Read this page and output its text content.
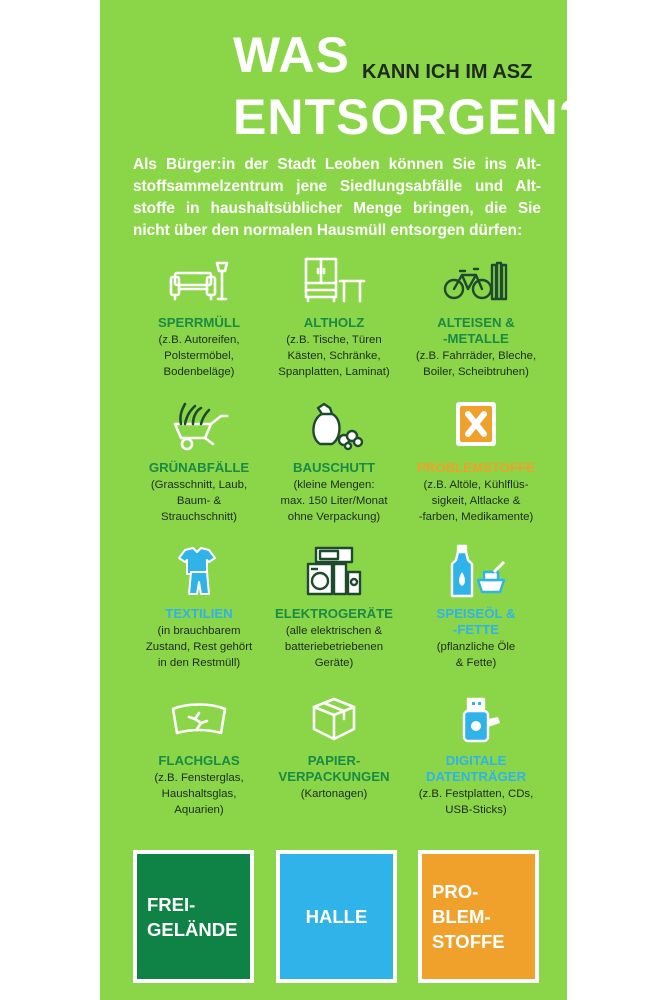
WAS KANN ICH IM ASZ
ENTSORGEN?
Als Bürger:in der Stadt Leoben können Sie ins Alt-
stoffsammelzentrum jene Siedlungsabfälle und Alt-
stoffe in haushaltsüblicher Menge bringen, die Sie
nicht über den normalen Hausmüll entsorgen dürfen:
SPERRMÜLL
(z.B. Autoreifen,
Polstermöbel,
Bodenbeläge)
ALTHOLZ
(z.B. Tische, Türen
Kästen, Schränke,
Spanplatten, Laminat)
ALTEISEN &
-METALLE
(z.B. Fahrräder, Bleche,
Boiler, Scheibtruhen)
GRÜNABFÄLLE
(Grasschnitt, Laub,
Baum- &
Strauchschnitt)
BAUSCHUTT
(kleine Mengen:
max. 150 Liter/Monat
ohne Verpackung)
PROBLEMSTOFFE
(z.B. Altöle, Kühlflüs-
sigkeit, Altlacke &
-farben, Medikamente)
TEXTILIEN
(in brauchbarem
Zustand, Rest gehört
in den Restmüll)
ELEKTROGERÄTE
(alle elektrischen &
batteriebetriebenen
Geräte)
SPEISEÖL &
-FETTE
(pflanzliche Öle
& Fette)
FLACHGLAS
(z.B. Fensterglas,
Haushaltsglas,
Aquarien)
PAPIER-
VERPACKUNGEN
(Kartonagen)
DIGITALE
DATENTRÄGER
(z.B. Festplatten, CDs,
USB-Sticks)
FREI-
GELÄNDE
HALLE
PRO-
BLEM-
STOFFE
